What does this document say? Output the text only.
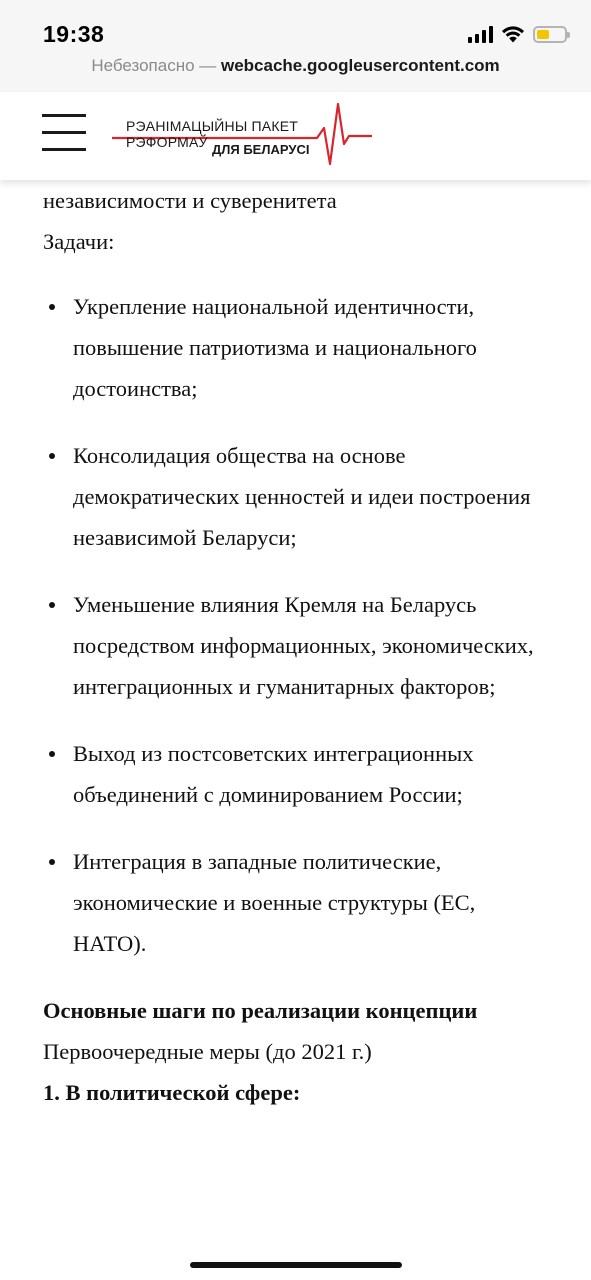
19:38
Небезопасно — webcache.googleusercontent.com
РЭАНІМАЦЫЙНЫ ПАКЕТ РЭФОРМАЎ ДЛЯ БЕЛАРУСІ

независимости и суверенитета

Задачи:

Укрепление национальной идентичности, повышение патриотизма и национального достоинства;
Консолидация общества на основе демократических ценностей и идеи построения независимой Беларуси;
Уменьшение влияния Кремля на Беларусь посредством информационных, экономических, интеграционных и гуманитарных факторов;
Выход из постсоветских интеграционных объединений с доминированием России;
Интеграция в западные политические, экономические и военные структуры (ЕС, НАТО).

Основные шаги по реализации концепции

Первоочередные меры (до 2021 г.)

1. В политической сфере:
